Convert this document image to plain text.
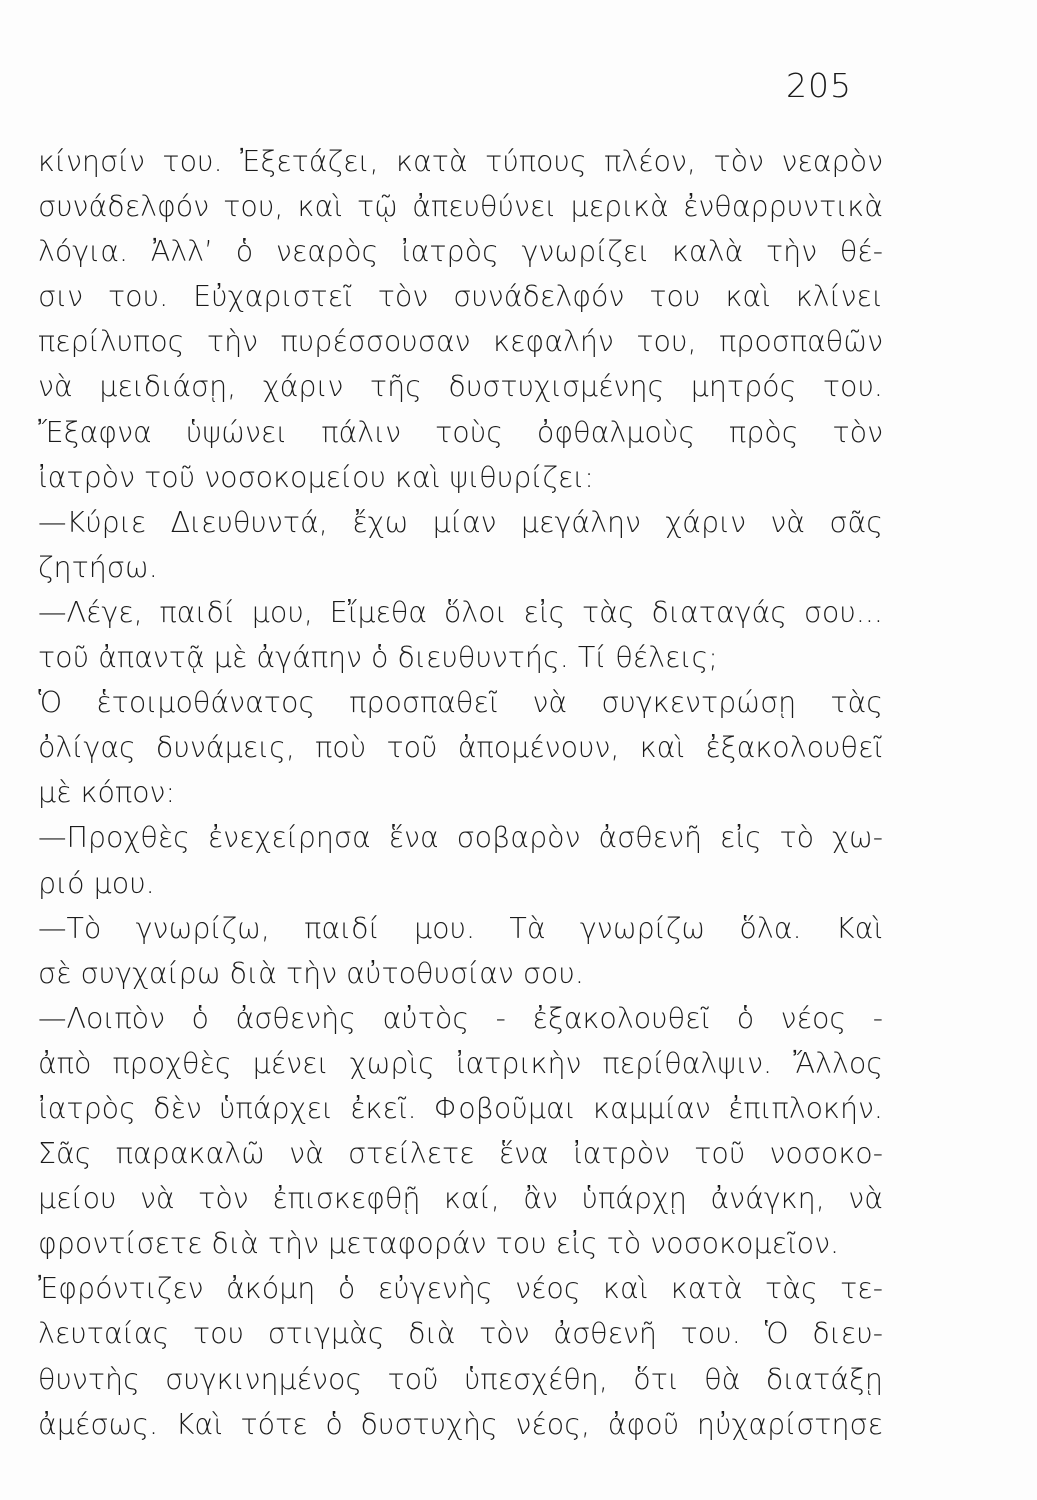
205
κίνησίν του. Ἐξετάζει, κατὰ τύπους πλέον, τὸν νεαρὸν
συνάδελφόν του, καὶ τῷ ἀπευθύνει μερικὰ ἐνθαρρυντικὰ
λόγια. Ἀλλ’ ὁ νεαρὸς ἰατρὸς γνωρίζει καλὰ τὴν θέ-
σιν του. Εὐχαριστεῖ τὸν συνάδελφόν του καὶ κλίνει
περίλυπος τὴν πυρέσσουσαν κεφαλήν του, προσπαθῶν
νὰ μειδιάσῃ, χάριν τῆς δυστυχισμένης μητρός του.
Ἔξαφνα ὑψώνει πάλιν τοὺς ὀφθαλμοὺς πρὸς τὸν
ἰατρὸν τοῦ νοσοκομείου καὶ ψιθυρίζει:
—Κύριε Διευθυντά, ἔχω μίαν μεγάλην χάριν νὰ σᾶς
ζητήσω.
—Λέγε, παιδί μου, Εἴμεθα ὅλοι εἰς τὰς διαταγάς σου...
τοῦ ἀπαντᾷ μὲ ἀγάπην ὁ διευθυντής. Τί θέλεις;
Ὁ ἑτοιμοθάνατος προσπαθεῖ νὰ συγκεντρώσῃ τὰς
ὀλίγας δυνάμεις, ποὺ τοῦ ἀπομένουν, καὶ ἐξακολουθεῖ
μὲ κόπον:
—Προχθὲς ἐνεχείρησα ἕνα σοβαρὸν ἀσθενῆ εἰς τὸ χω-
ριό μου.
—Τὸ γνωρίζω, παιδί μου. Τὰ γνωρίζω ὅλα. Καὶ
σὲ συγχαίρω διὰ τὴν αὐτοθυσίαν σου.
—Λοιπὸν ὁ ἀσθενὴς αὐτὸς - ἐξακολουθεῖ ὁ νέος -
ἀπὸ προχθὲς μένει χωρὶς ἰατρικὴν περίθαλψιν. Ἄλλος
ἰατρὸς δὲν ὑπάρχει ἐκεῖ. Φοβοῦμαι καμμίαν ἐπιπλοκήν.
Σᾶς παρακαλῶ νὰ στείλετε ἕνα ἰατρὸν τοῦ νοσοκο-
μείου νὰ τὸν ἐπισκεφθῇ καί, ἂν ὑπάρχῃ ἀνάγκη, νὰ
φροντίσετε διὰ τὴν μεταφοράν του εἰς τὸ νοσοκομεῖον.
Ἐφρόντιζεν ἀκόμη ὁ εὐγενὴς νέος καὶ κατὰ τὰς τε-
λευταίας του στιγμὰς διὰ τὸν ἀσθενῆ του. Ὁ διευ-
θυντὴς συγκινημένος τοῦ ὑπεσχέθη, ὅτι θὰ διατάξῃ
ἀμέσως. Καὶ τότε ὁ δυστυχὴς νέος, ἀφοῦ ηὐχαρίστησε
